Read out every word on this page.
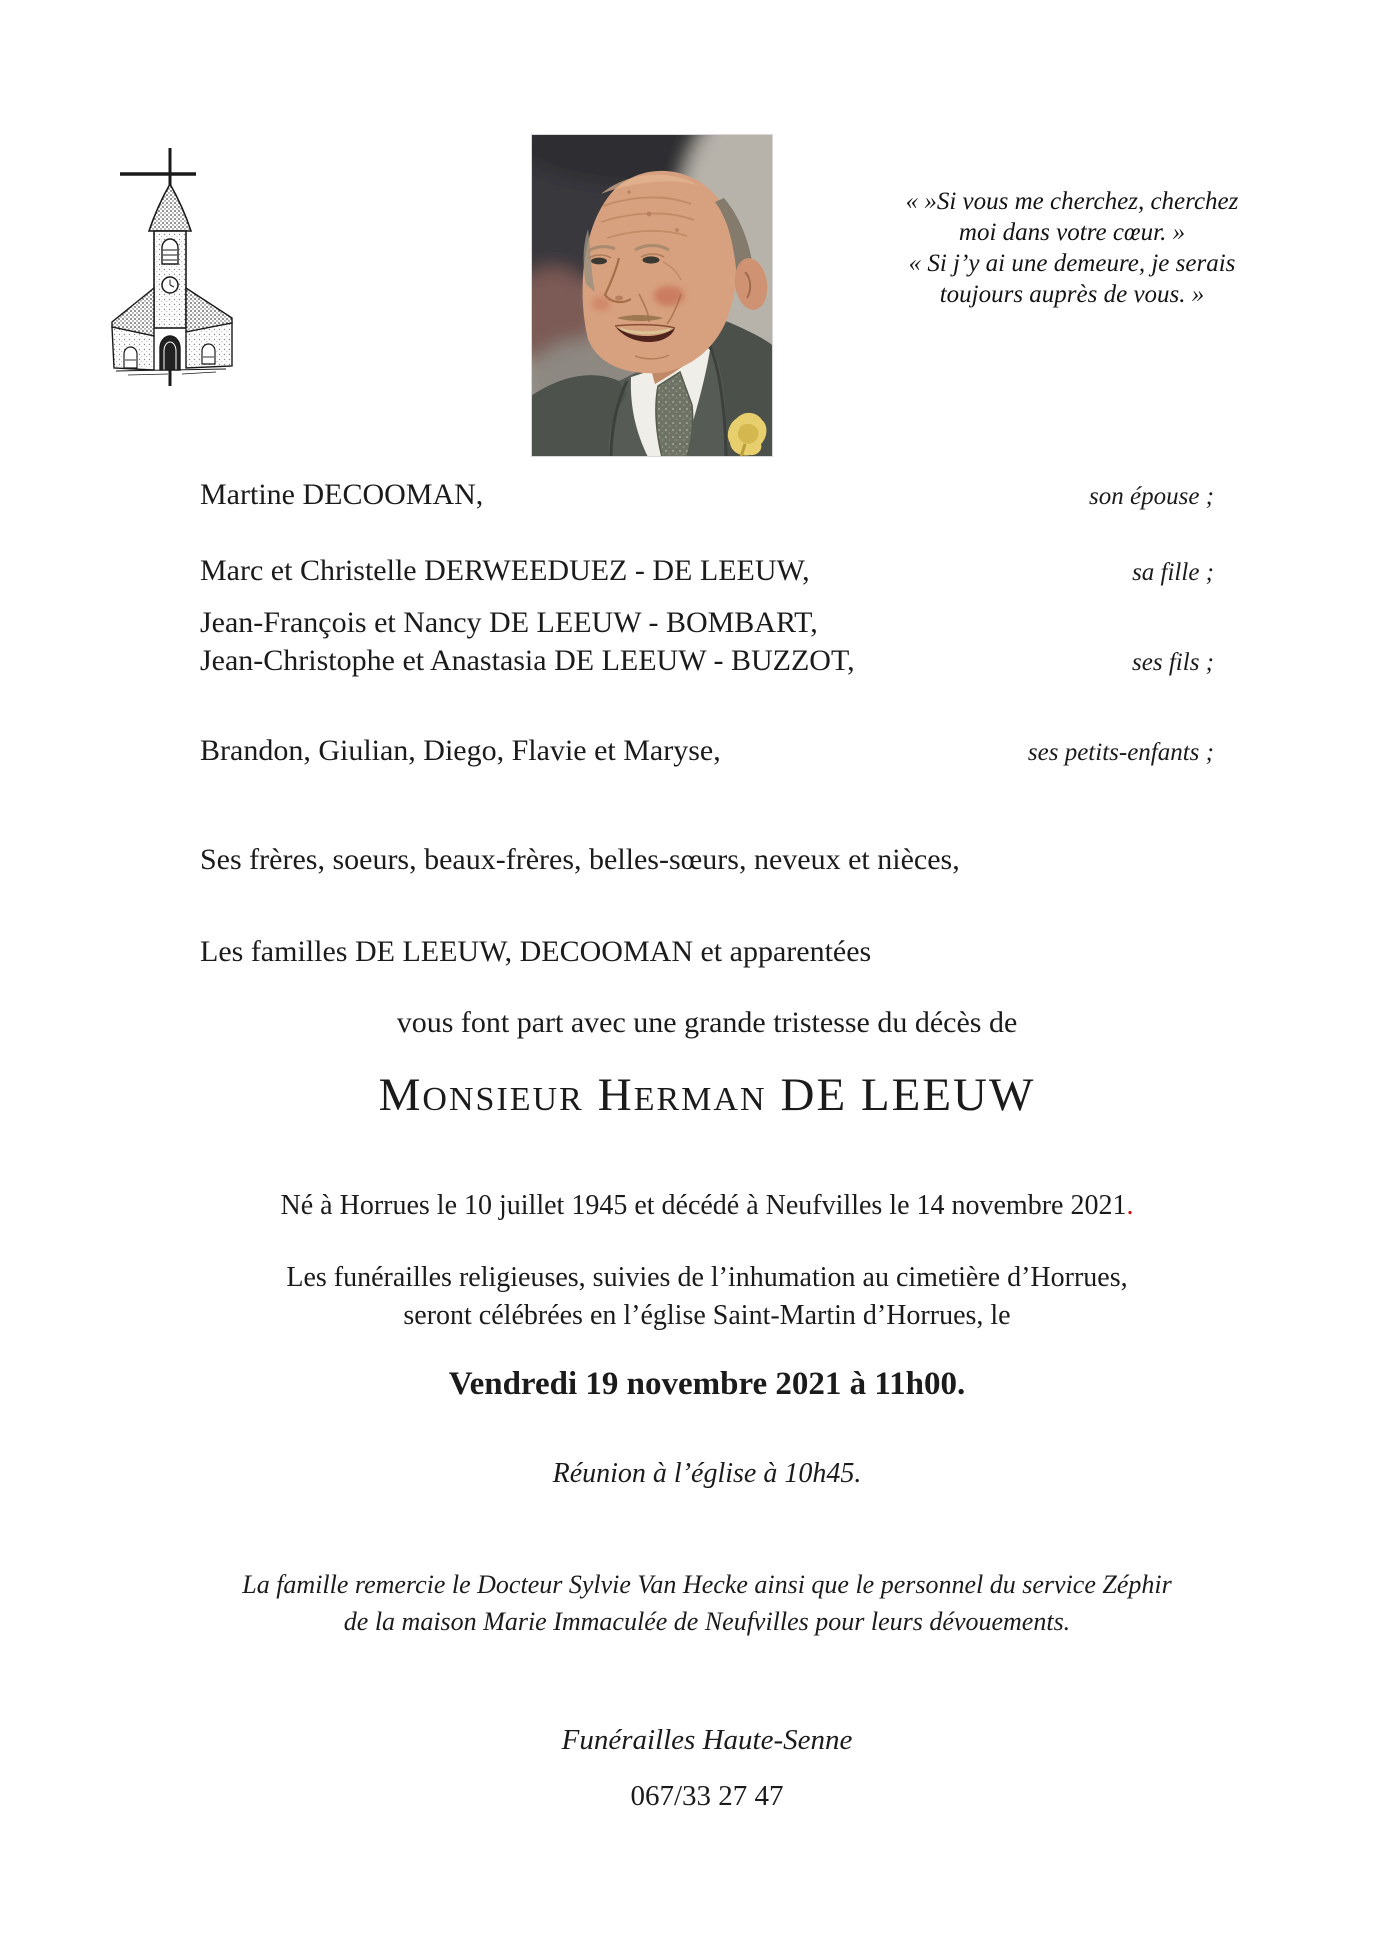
« »Si vous me cherchez, cherchez
moi dans votre cœur. »
« Si j’y ai une demeure, je serais
toujours auprès de vous. »
Martine DECOOMAN,	son épouse ;
Marc et Christelle DERWEEDUEZ - DE LEEUW,	sa fille ;
Jean-François et Nancy DE LEEUW - BOMBART,
Jean-Christophe et Anastasia DE LEEUW - BUZZOT,	ses fils ;
Brandon, Giulian, Diego, Flavie et Maryse,	ses petits-enfants ;
Ses frères, soeurs, beaux-frères, belles-sœurs, neveux et nièces,
Les familles DE LEEUW, DECOOMAN et apparentées
vous font part avec une grande tristesse du décès de
MONSIEUR HERMAN DE LEEUW
Né à Horrues le 10 juillet 1945 et décédé à Neufvilles le 14 novembre 2021.
Les funérailles religieuses, suivies de l’inhumation au cimetière d’Horrues,
seront célébrées en l’église Saint-Martin d’Horrues, le
Vendredi 19 novembre 2021 à 11h00.
Réunion à l’église à 10h45.
La famille remercie le Docteur Sylvie Van Hecke ainsi que le personnel du service Zéphir
de la maison Marie Immaculée de Neufvilles pour leurs dévouements.
Funérailles Haute-Senne
067/33 27 47
